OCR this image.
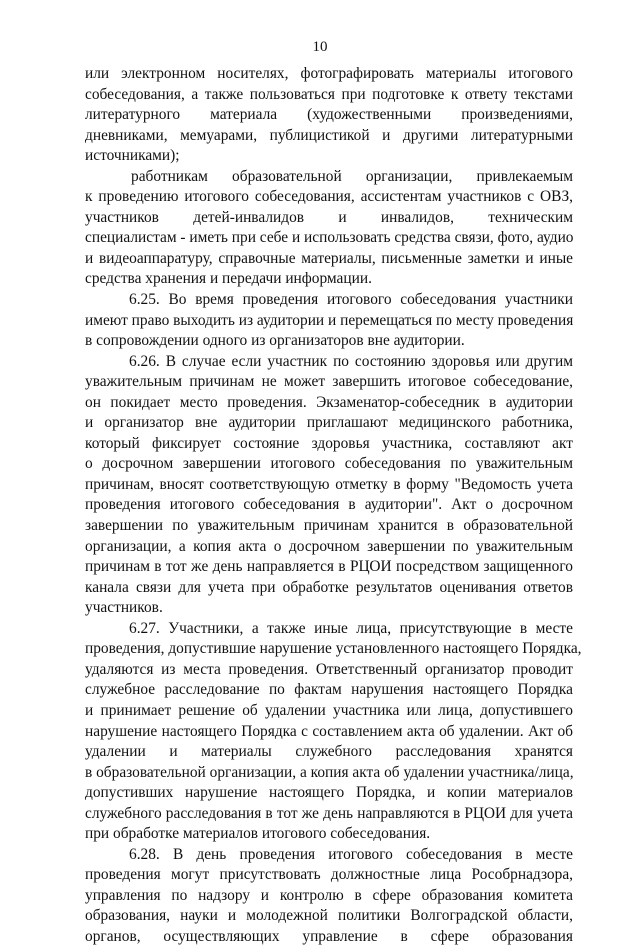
10
или электронном носителях, фотографировать материалы итогового
собеседования, а также пользоваться при подготовке к ответу текстами
литературного материала (художественными произведениями,
дневниками, мемуарами, публицистикой и другими литературными
источниками);
работникам образовательной организации, привлекаемым
к проведению итогового собеседования, ассистентам участников с ОВЗ,
участников детей-инвалидов и инвалидов, техническим
специалистам - иметь при себе и использовать средства связи, фото, аудио
и видеоаппаратуру, справочные материалы, письменные заметки и иные
средства хранения и передачи информации.
6.25. Во время проведения итогового собеседования участники
имеют право выходить из аудитории и перемещаться по месту проведения
в сопровождении одного из организаторов вне аудитории.
6.26. В случае если участник по состоянию здоровья или другим
уважительным причинам не может завершить итоговое собеседование,
он покидает место проведения. Экзаменатор-собеседник в аудитории
и организатор вне аудитории приглашают медицинского работника,
который фиксирует состояние здоровья участника, составляют акт
о досрочном завершении итогового собеседования по уважительным
причинам, вносят соответствующую отметку в форму "Ведомость учета
проведения итогового собеседования в аудитории". Акт о досрочном
завершении по уважительным причинам хранится в образовательной
организации, а копия акта о досрочном завершении по уважительным
причинам в тот же день направляется в РЦОИ посредством защищенного
канала связи для учета при обработке результатов оценивания ответов
участников.
6.27. Участники, а также иные лица, присутствующие в месте
проведения, допустившие нарушение установленного настоящего Порядка,
удаляются из места проведения. Ответственный организатор проводит
служебное расследование по фактам нарушения настоящего Порядка
и принимает решение об удалении участника или лица, допустившего
нарушение настоящего Порядка с составлением акта об удалении. Акт об
удалении и материалы служебного расследования хранятся
в образовательной организации, а копия акта об удалении участника/лица,
допустивших нарушение настоящего Порядка, и копии материалов
служебного расследования в тот же день направляются в РЦОИ для учета
при обработке материалов итогового собеседования.
6.28. В день проведения итогового собеседования в месте
проведения могут присутствовать должностные лица Рособрнадзора,
управления по надзору и контролю в сфере образования комитета
образования, науки и молодежной политики Волгоградской области,
органов, осуществляющих управление в сфере образования
